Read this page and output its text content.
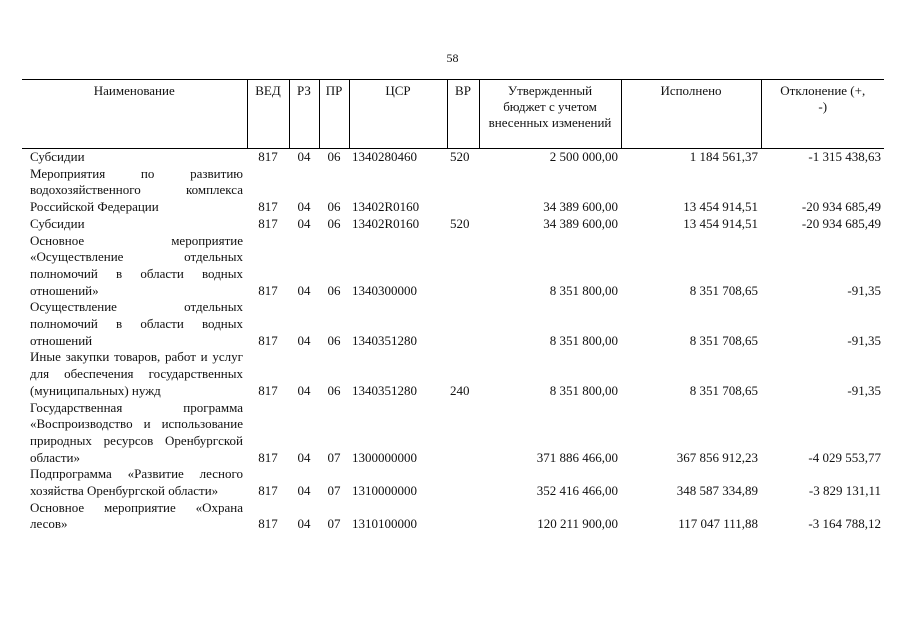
58
Наименование	ВЕД	РЗ	ПР	ЦСР	ВР	Утвержденный бюджет с учетом внесенных изменений	Исполнено	Отклонение (+, -)
Субсидии	817	04	06	1340280460	520	2 500 000,00	1 184 561,37	-1 315 438,63
Мероприятия по развитию водохозяйственного комплекса Российской Федерации	817	04	06	13402R0160		34 389 600,00	13 454 914,51	-20 934 685,49
Субсидии	817	04	06	13402R0160	520	34 389 600,00	13 454 914,51	-20 934 685,49
Основное мероприятие «Осуществление отдельных полномочий в области водных отношений»	817	04	06	1340300000		8 351 800,00	8 351 708,65	-91,35
Осуществление отдельных полномочий в области водных отношений	817	04	06	1340351280		8 351 800,00	8 351 708,65	-91,35
Иные закупки товаров, работ и услуг для обеспечения государственных (муниципальных) нужд	817	04	06	1340351280	240	8 351 800,00	8 351 708,65	-91,35
Государственная программа «Воспроизводство и использование природных ресурсов Оренбургской области»	817	04	07	1300000000		371 886 466,00	367 856 912,23	-4 029 553,77
Подпрограмма «Развитие лесного хозяйства Оренбургской области»	817	04	07	1310000000		352 416 466,00	348 587 334,89	-3 829 131,11
Основное мероприятие «Охрана лесов»	817	04	07	1310100000		120 211 900,00	117 047 111,88	-3 164 788,12
